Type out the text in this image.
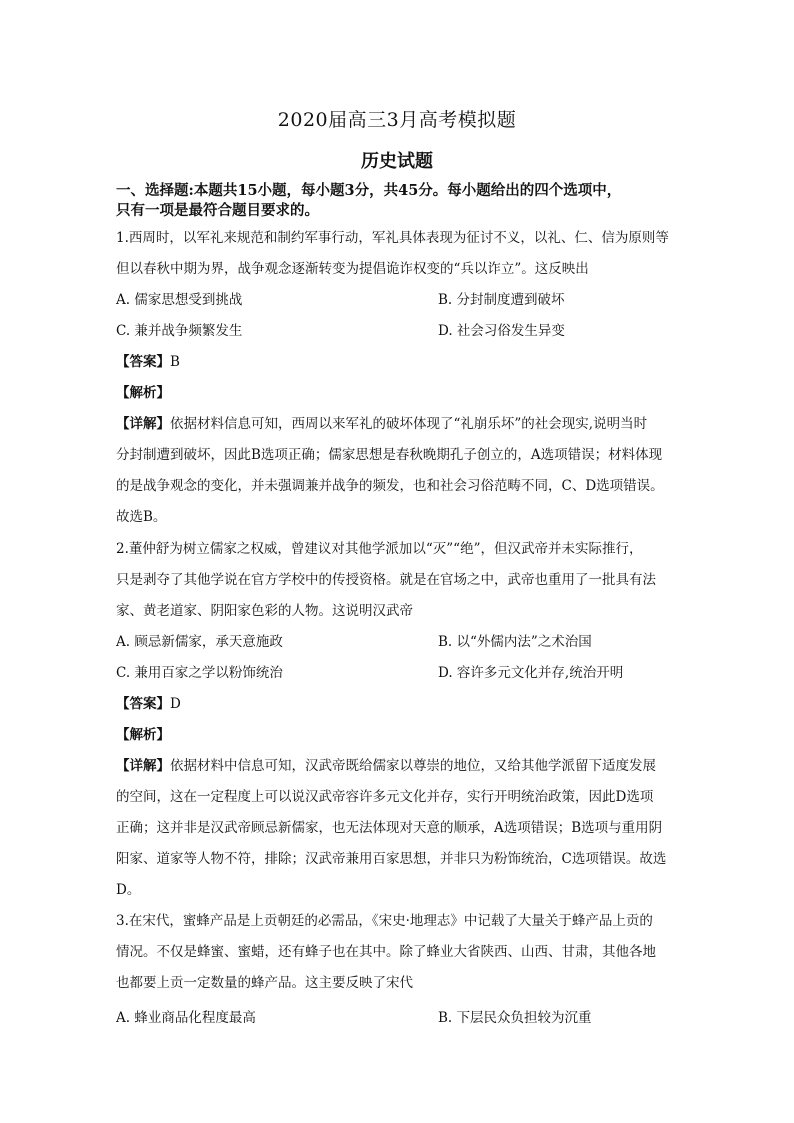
2020届高三3月高考模拟题
历史试题
一、选择题:本题共15小题，每小题3分，共45分。每小题给出的四个选项中，
只有一项是最符合题目要求的。
1.西周时，以军礼来规范和制约军事行动，军礼具体表现为征讨不义，以礼、仁、信为原则等
但以春秋中期为界，战争观念逐渐转变为提倡诡诈权变的“兵以诈立”。这反映出
A. 儒家思想受到挑战	B. 分封制度遭到破坏
C. 兼并战争频繁发生	D. 社会习俗发生异变
【答案】B
【解析】
【详解】依据材料信息可知，西周以来军礼的破坏体现了“礼崩乐坏”的社会现实,说明当时
分封制遭到破坏，因此B选项正确；儒家思想是春秋晚期孔子创立的，A选项错误；材料体现
的是战争观念的变化，并未强调兼并战争的频发，也和社会习俗范畴不同，C、D选项错误。
故选B。
2.董仲舒为树立儒家之权威，曾建议对其他学派加以“灭”“绝”，但汉武帝并未实际推行，
只是剥夺了其他学说在官方学校中的传授资格。就是在官场之中，武帝也重用了一批具有法
家、黄老道家、阴阳家色彩的人物。这说明汉武帝
A. 顾忌新儒家，承天意施政	B. 以“外儒内法”之术治国
C. 兼用百家之学以粉饰统治	D. 容许多元文化并存,统治开明
【答案】D
【解析】
【详解】依据材料中信息可知，汉武帝既给儒家以尊崇的地位，又给其他学派留下适度发展
的空间，这在一定程度上可以说汉武帝容许多元文化并存，实行开明统治政策，因此D选项
正确；这并非是汉武帝顾忌新儒家，也无法体现对天意的顺承，A选项错误；B选项与重用阴
阳家、道家等人物不符，排除；汉武帝兼用百家思想，并非只为粉饰统治，C选项错误。故选
D。
3.在宋代，蜜蜂产品是上贡朝廷的必需品，《宋史·地理志》中记载了大量关于蜂产品上贡的
情况。不仅是蜂蜜、蜜蜡，还有蜂子也在其中。除了蜂业大省陕西、山西、甘肃，其他各地
也都要上贡一定数量的蜂产品。这主要反映了宋代
A. 蜂业商品化程度最高	B. 下层民众负担较为沉重
